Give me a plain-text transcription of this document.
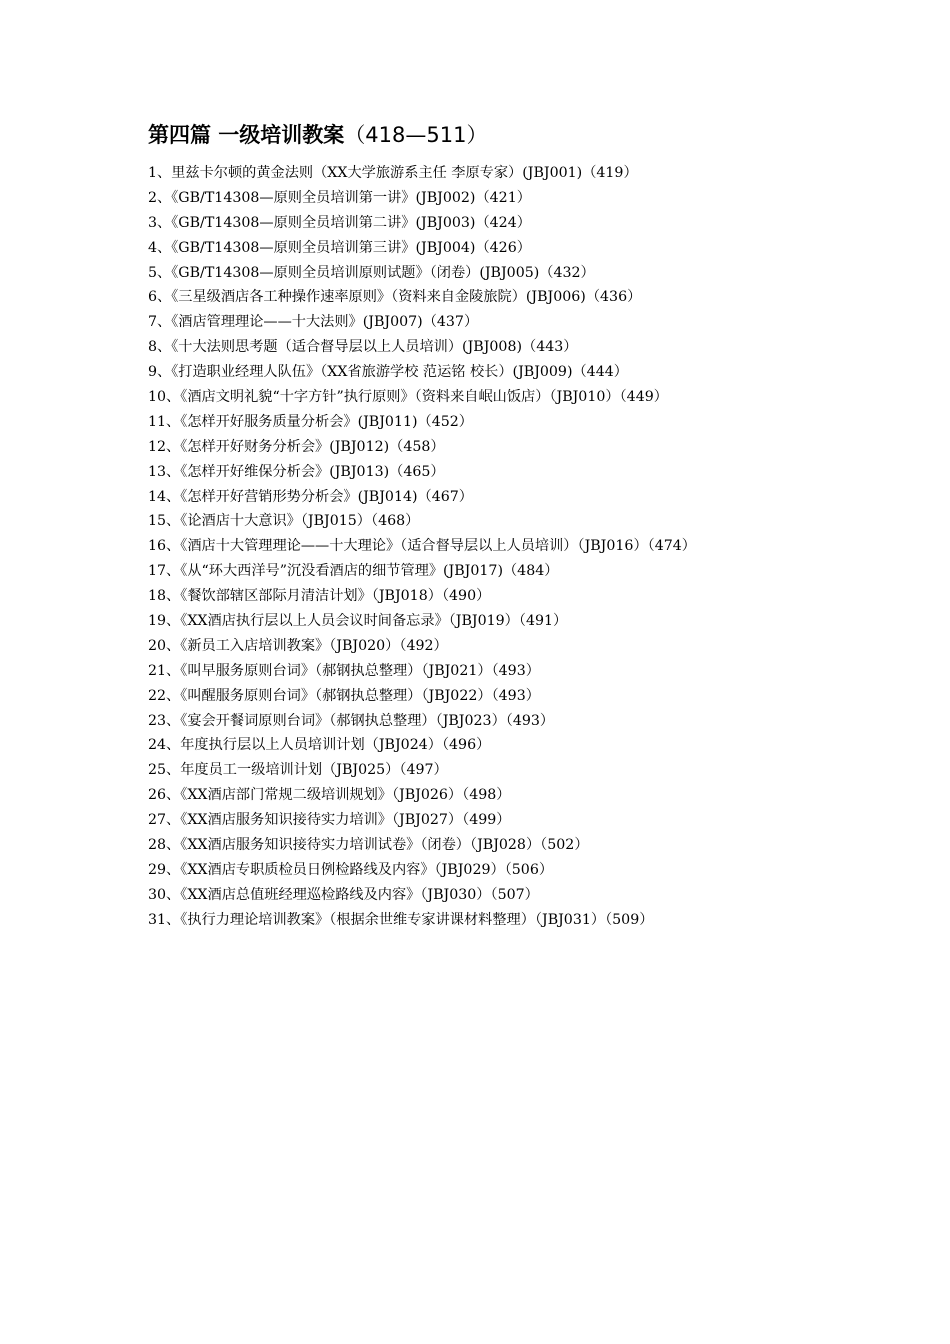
第四篇 一级培训教案（418—511）
1、里兹卡尔顿的黄金法则（XX大学旅游系主任 李原专家）(JBJ001)（419）
2、《GB/T14308—原则全员培训第一讲》(JBJ002)（421）
3、《GB/T14308—原则全员培训第二讲》(JBJ003)（424）
4、《GB/T14308—原则全员培训第三讲》(JBJ004)（426）
5、《GB/T14308—原则全员培训原则试题》（闭卷）(JBJ005)（432）
6、《三星级酒店各工种操作速率原则》（资料来自金陵旅院）(JBJ006)（436）
7、《酒店管理理论——十大法则》(JBJ007)（437）
8、《十大法则思考题（适合督导层以上人员培训）(JBJ008)（443）
9、《打造职业经理人队伍》（XX省旅游学校 范运铭 校长）(JBJ009)（444）
10、《酒店文明礼貌“十字方针”执行原则》（资料来自岷山饭店）（JBJ010）（449）
11、《怎样开好服务质量分析会》(JBJ011)（452）
12、《怎样开好财务分析会》(JBJ012)（458）
13、《怎样开好维保分析会》(JBJ013)（465）
14、《怎样开好营销形势分析会》(JBJ014)（467）
15、《论酒店十大意识》（JBJ015）（468）
16、《酒店十大管理理论——十大理论》（适合督导层以上人员培训）（JBJ016）（474）
17、《从“环大西洋号”沉没看酒店的细节管理》(JBJ017)（484）
18、《餐饮部辖区部际月清洁计划》（JBJ018）（490）
19、《XX酒店执行层以上人员会议时间备忘录》（JBJ019）（491）
20、《新员工入店培训教案》（JBJ020）（492）
21、《叫早服务原则台词》（郝钢执总整理）（JBJ021）（493）
22、《叫醒服务原则台词》（郝钢执总整理）（JBJ022）（493）
23、《宴会开餐词原则台词》（郝钢执总整理）（JBJ023）（493）
24、年度执行层以上人员培训计划（JBJ024）（496）
25、年度员工一级培训计划（JBJ025）（497）
26、《XX酒店部门常规二级培训规划》（JBJ026）（498）
27、《XX酒店服务知识接待实力培训》（JBJ027）（499）
28、《XX酒店服务知识接待实力培训试卷》（闭卷）（JBJ028）（502）
29、《XX酒店专职质检员日例检路线及内容》（JBJ029）（506）
30、《XX酒店总值班经理巡检路线及内容》（JBJ030）（507）
31、《执行力理论培训教案》（根据余世维专家讲课材料整理）（JBJ031）（509）
